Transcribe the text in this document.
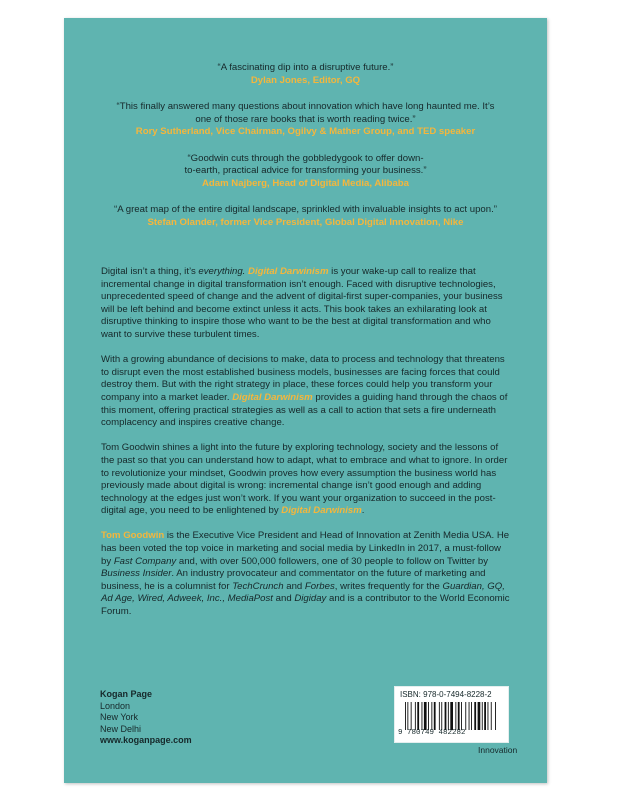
“A fascinating dip into a disruptive future.”
Dylan Jones, Editor, GQ
“This finally answered many questions about innovation which have long haunted me. It’s one of those rare books that is worth reading twice.”
Rory Sutherland, Vice Chairman, Ogilvy & Mather Group, and TED speaker
“Goodwin cuts through the gobbledygook to offer down-to-earth, practical advice for transforming your business.”
Adam Najberg, Head of Digital Media, Alibaba
“A great map of the entire digital landscape, sprinkled with invaluable insights to act upon.”
Stefan Olander, former Vice President, Global Digital Innovation, Nike

Digital isn’t a thing, it’s everything. Digital Darwinism is your wake-up call to realize that incremental change in digital transformation isn’t enough. Faced with disruptive technologies, unprecedented speed of change and the advent of digital-first super-companies, your business will be left behind and become extinct unless it acts. This book takes an exhilarating look at disruptive thinking to inspire those who want to be the best at digital transformation and who want to survive these turbulent times.

With a growing abundance of decisions to make, data to process and technology that threatens to disrupt even the most established business models, businesses are facing forces that could destroy them. But with the right strategy in place, these forces could help you transform your company into a market leader. Digital Darwinism provides a guiding hand through the chaos of this moment, offering practical strategies as well as a call to action that sets a fire underneath complacency and inspires creative change.

Tom Goodwin shines a light into the future by exploring technology, society and the lessons of the past so that you can understand how to adapt, what to embrace and what to ignore. In order to revolutionize your mindset, Goodwin proves how every assumption the business world has previously made about digital is wrong: incremental change isn’t good enough and adding technology at the edges just won’t work. If you want your organization to succeed in the post-digital age, you need to be enlightened by Digital Darwinism.

Tom Goodwin is the Executive Vice President and Head of Innovation at Zenith Media USA. He has been voted the top voice in marketing and social media by LinkedIn in 2017, a must-follow by Fast Company and, with over 500,000 followers, one of 30 people to follow on Twitter by Business Insider. An industry provocateur and commentator on the future of marketing and business, he is a columnist for TechCrunch and Forbes, writes frequently for the Guardian, GQ, Ad Age, Wired, Adweek, Inc., MediaPost and Digiday and is a contributor to the World Economic Forum.

Kogan Page
London
New York
New Delhi
www.koganpage.com
ISBN: 978-0-7494-8228-2
9 780749 482282
Innovation
